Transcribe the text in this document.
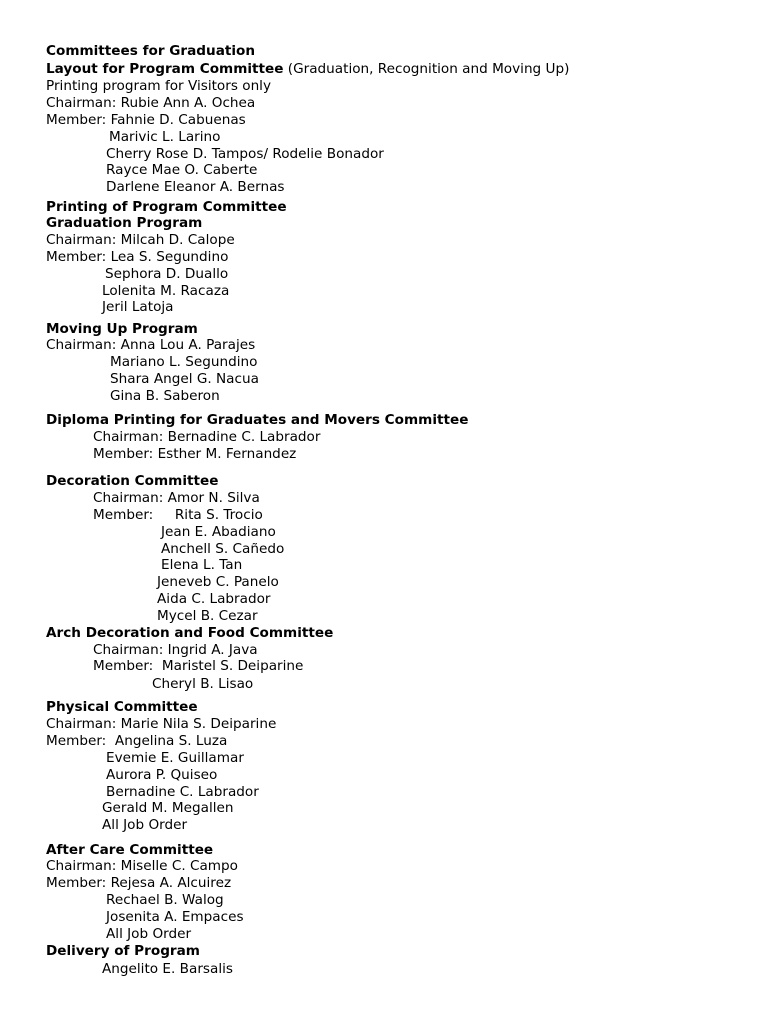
Committees for Graduation
Layout for Program Committee (Graduation, Recognition and Moving Up)
Printing program for Visitors only
Chairman: Rubie Ann A. Ochea
Member: Fahnie D. Cabuenas
Marivic L. Larino
Cherry Rose D. Tampos/ Rodelie Bonador
Rayce Mae O. Caberte
Darlene Eleanor A. Bernas
Printing of Program Committee
Graduation Program
Chairman: Milcah D. Calope
Member: Lea S. Segundino
Sephora D. Duallo
Lolenita M. Racaza
Jeril Latoja
Moving Up Program
Chairman: Anna Lou A. Parajes
Mariano L. Segundino
Shara Angel G. Nacua
Gina B. Saberon
Diploma Printing for Graduates and Movers Committee
Chairman: Bernadine C. Labrador
Member: Esther M. Fernandez
Decoration Committee
Chairman: Amor N. Silva
Member:     Rita S. Trocio
Jean E. Abadiano
Anchell S. Cañedo
Elena L. Tan
Jeneveb C. Panelo
Aida C. Labrador
Mycel B. Cezar
Arch Decoration and Food Committee
Chairman: Ingrid A. Java
Member:  Maristel S. Deiparine
Cheryl B. Lisao
Physical Committee
Chairman: Marie Nila S. Deiparine
Member:  Angelina S. Luza
Evemie E. Guillamar
Aurora P. Quiseo
Bernadine C. Labrador
Gerald M. Megallen
All Job Order
After Care Committee
Chairman: Miselle C. Campo
Member: Rejesa A. Alcuirez
Rechael B. Walog
Josenita A. Empaces
All Job Order
Delivery of Program
Angelito E. Barsalis
